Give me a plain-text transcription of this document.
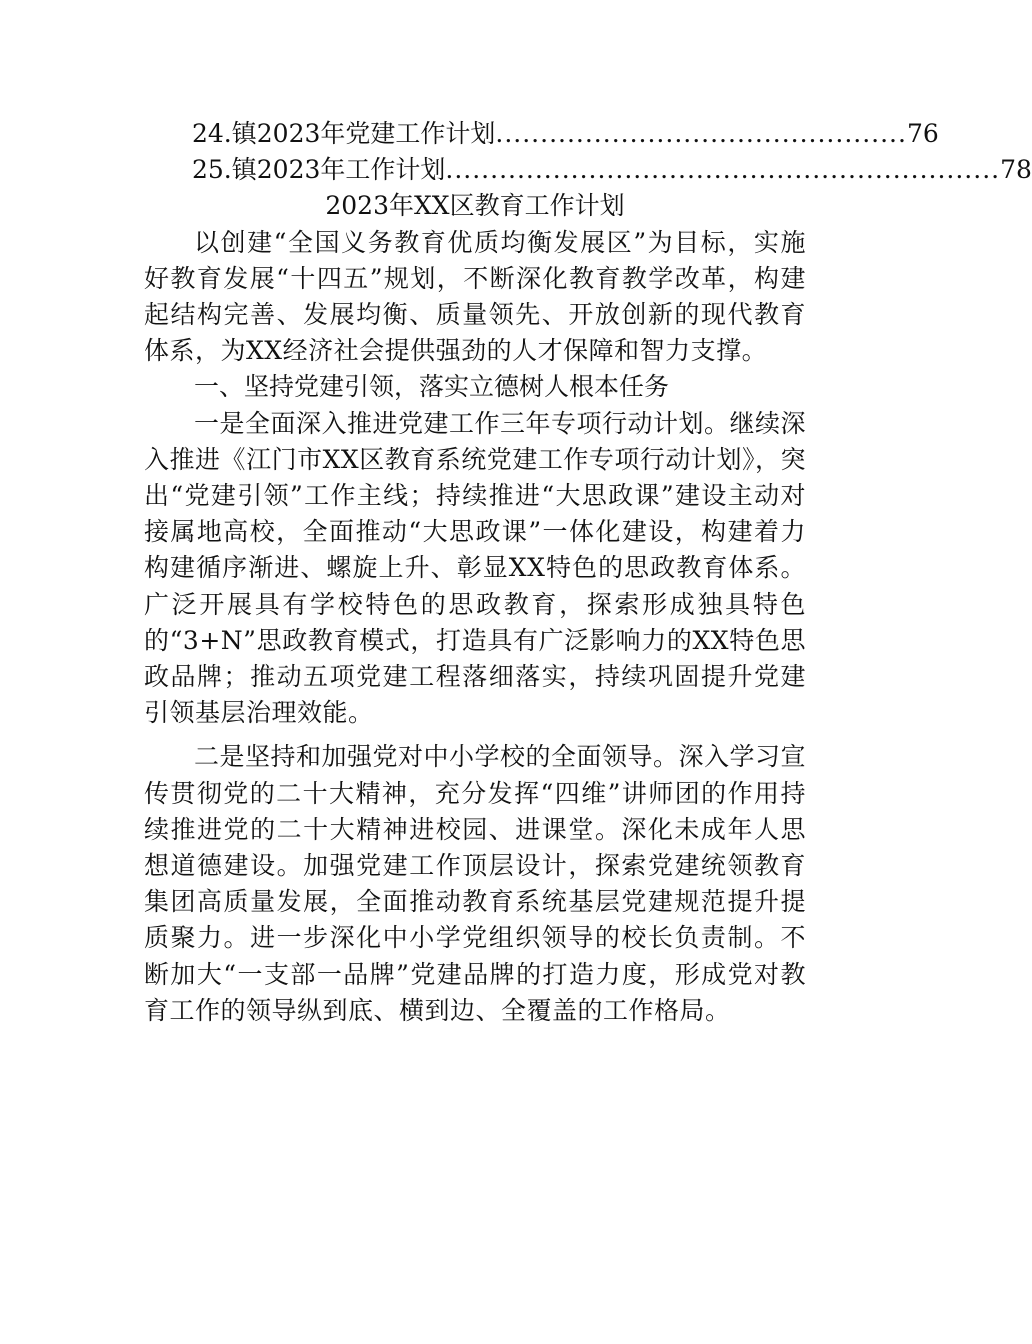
24.镇2023年党建工作计划 .............................................. 76
25.镇2023年工作计划 .............................................................. 78
2023年XX区教育工作计划

以创建“全国义务教育优质均衡发展区”为目标，实施好教育发展“十四五”规划，不断深化教育教学改革，构建起结构完善、发展均衡、质量领先、开放创新的现代教育体系，为XX经济社会提供强劲的人才保障和智力支撑。

一、坚持党建引领，落实立德树人根本任务

一是全面深入推进党建工作三年专项行动计划。继续深入推进《江门市XX区教育系统党建工作专项行动计划》，突出“党建引领”工作主线；持续推进“大思政课”建设主动对接属地高校，全面推动“大思政课”一体化建设，构建着力构建循序渐进、螺旋上升、彰显XX特色的思政教育体系。广泛开展具有学校特色的思政教育，探索形成独具特色的“3+N”思政教育模式，打造具有广泛影响力的XX特色思政品牌；推动五项党建工程落细落实，持续巩固提升党建引领基层治理效能。

二是坚持和加强党对中小学校的全面领导。深入学习宣传贯彻党的二十大精神，充分发挥“四维”讲师团的作用持续推进党的二十大精神进校园、进课堂。深化未成年人思想道德建设。加强党建工作顶层设计，探索党建统领教育集团高质量发展，全面推动教育系统基层党建规范提升提质聚力。进一步深化中小学党组织领导的校长负责制。不断加大“一支部一品牌”党建品牌的打造力度，形成党对教育工作的领导纵到底、横到边、全覆盖的工作格局。
